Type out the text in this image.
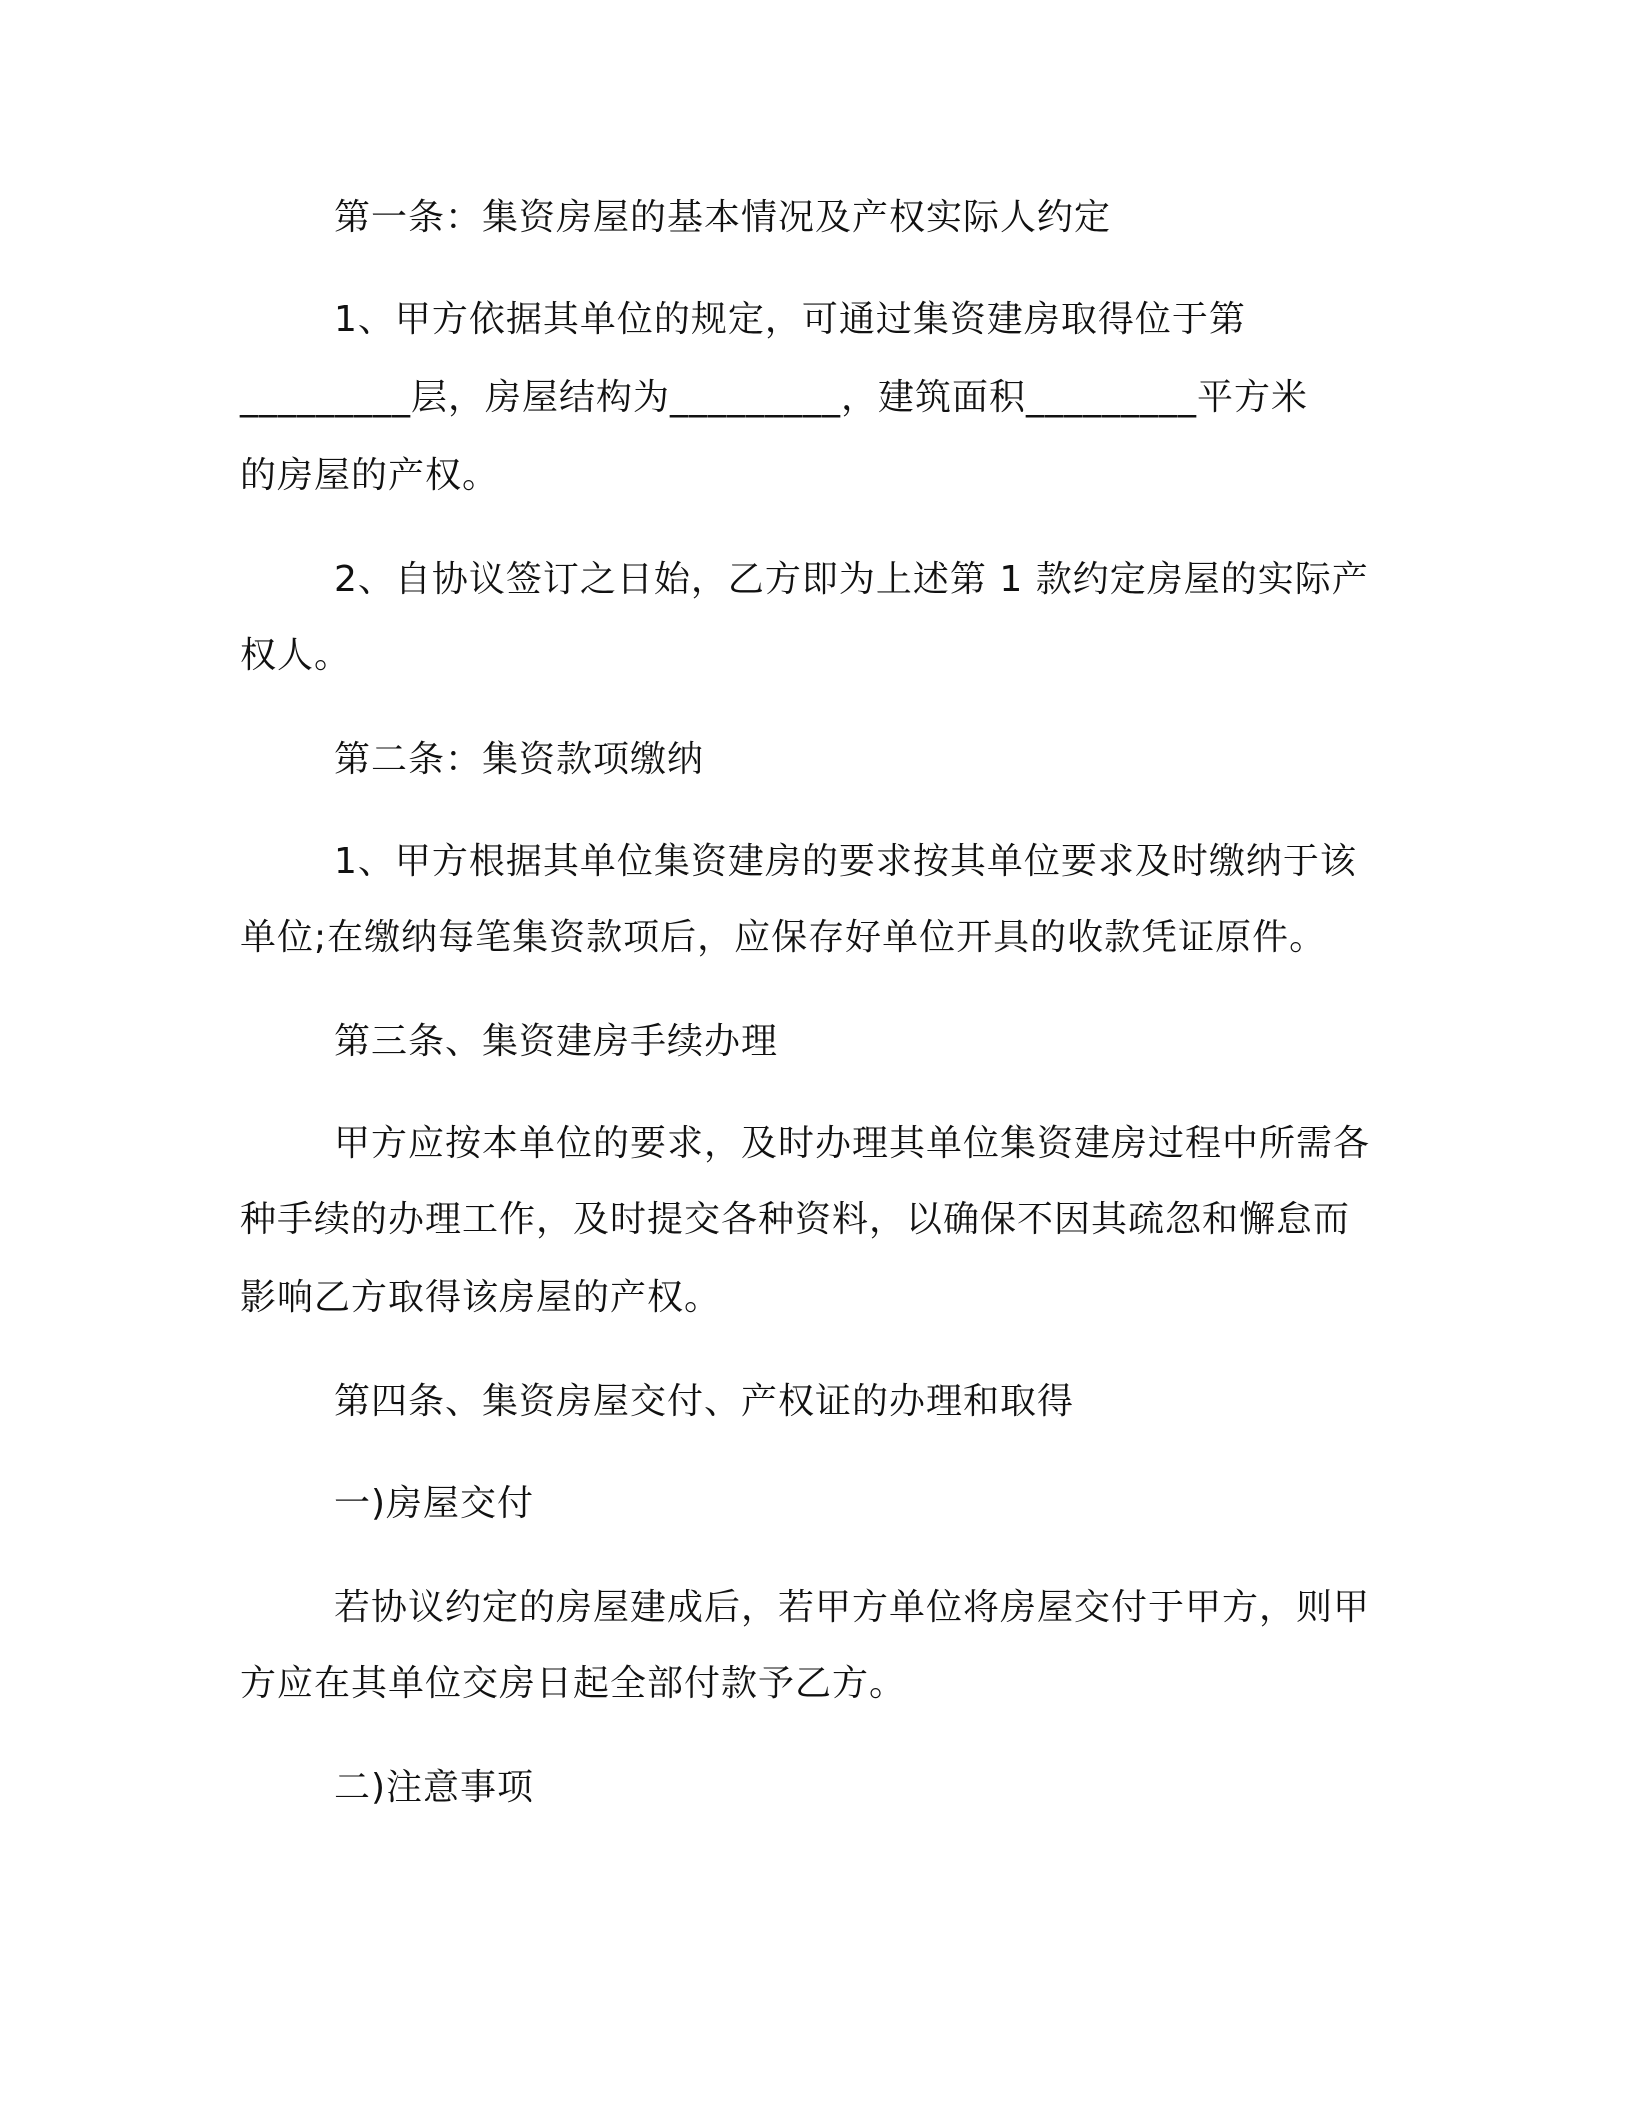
第一条：集资房屋的基本情况及产权实际人约定
1、甲方依据其单位的规定，可通过集资建房取得位于第
_________层，房屋结构为_________，建筑面积_________平方米
的房屋的产权。
2、自协议签订之日始，乙方即为上述第 1 款约定房屋的实际产
权人。
第二条：集资款项缴纳
1、甲方根据其单位集资建房的要求按其单位要求及时缴纳于该
单位;在缴纳每笔集资款项后，应保存好单位开具的收款凭证原件。
第三条、集资建房手续办理
甲方应按本单位的要求，及时办理其单位集资建房过程中所需各
种手续的办理工作，及时提交各种资料，以确保不因其疏忽和懈怠而
影响乙方取得该房屋的产权。
第四条、集资房屋交付、产权证的办理和取得
一)房屋交付
若协议约定的房屋建成后，若甲方单位将房屋交付于甲方，则甲
方应在其单位交房日起全部付款予乙方。
二)注意事项
